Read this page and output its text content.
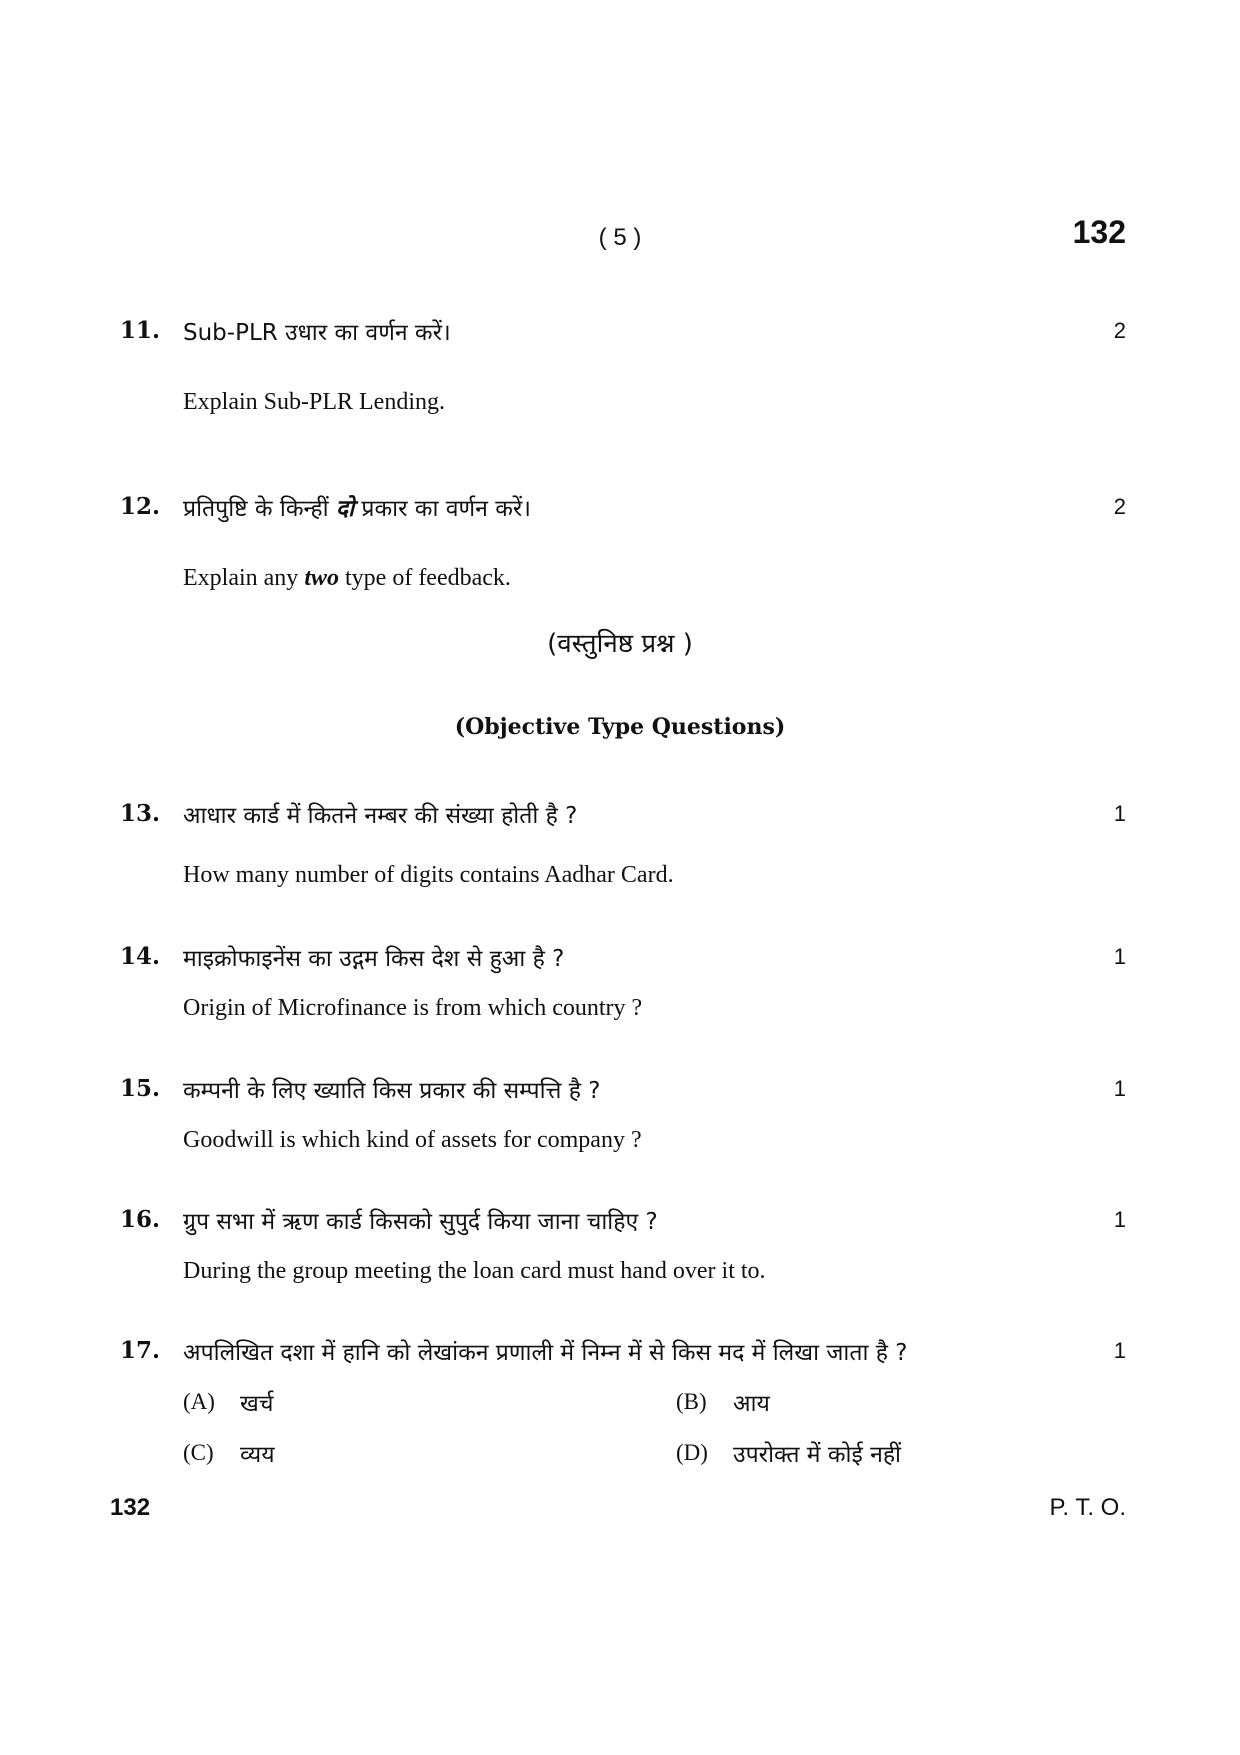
( 5 )	132
11. Sub-PLR उधार का वर्णन करें।	2
Explain Sub-PLR Lending.
12. प्रतिपुष्टि के किन्हीं दो प्रकार का वर्णन करें।	2
Explain any two type of feedback.
(वस्तुनिष्ठ प्रश्न )
(Objective Type Questions)
13. आधार कार्ड में कितने नम्बर की संख्या होती है ?	1
How many number of digits contains Aadhar Card.
14. माइक्रोफाइनेंस का उद्गम किस देश से हुआ है ?	1
Origin of Microfinance is from which country ?
15. कम्पनी के लिए ख्याति किस प्रकार की सम्पत्ति है ?	1
Goodwill is which kind of assets for company ?
16. ग्रुप सभा में ऋण कार्ड किसको सुपुर्द किया जाना चाहिए ?	1
During the group meeting the loan card must hand over it to.
17. अपलिखित दशा में हानि को लेखांकन प्रणाली में निम्न में से किस मद में लिखा जाता है ?	1
(A) खर्च	(B) आय
(C) व्यय	(D) उपरोक्त में कोई नहीं
132	P. T. O.
